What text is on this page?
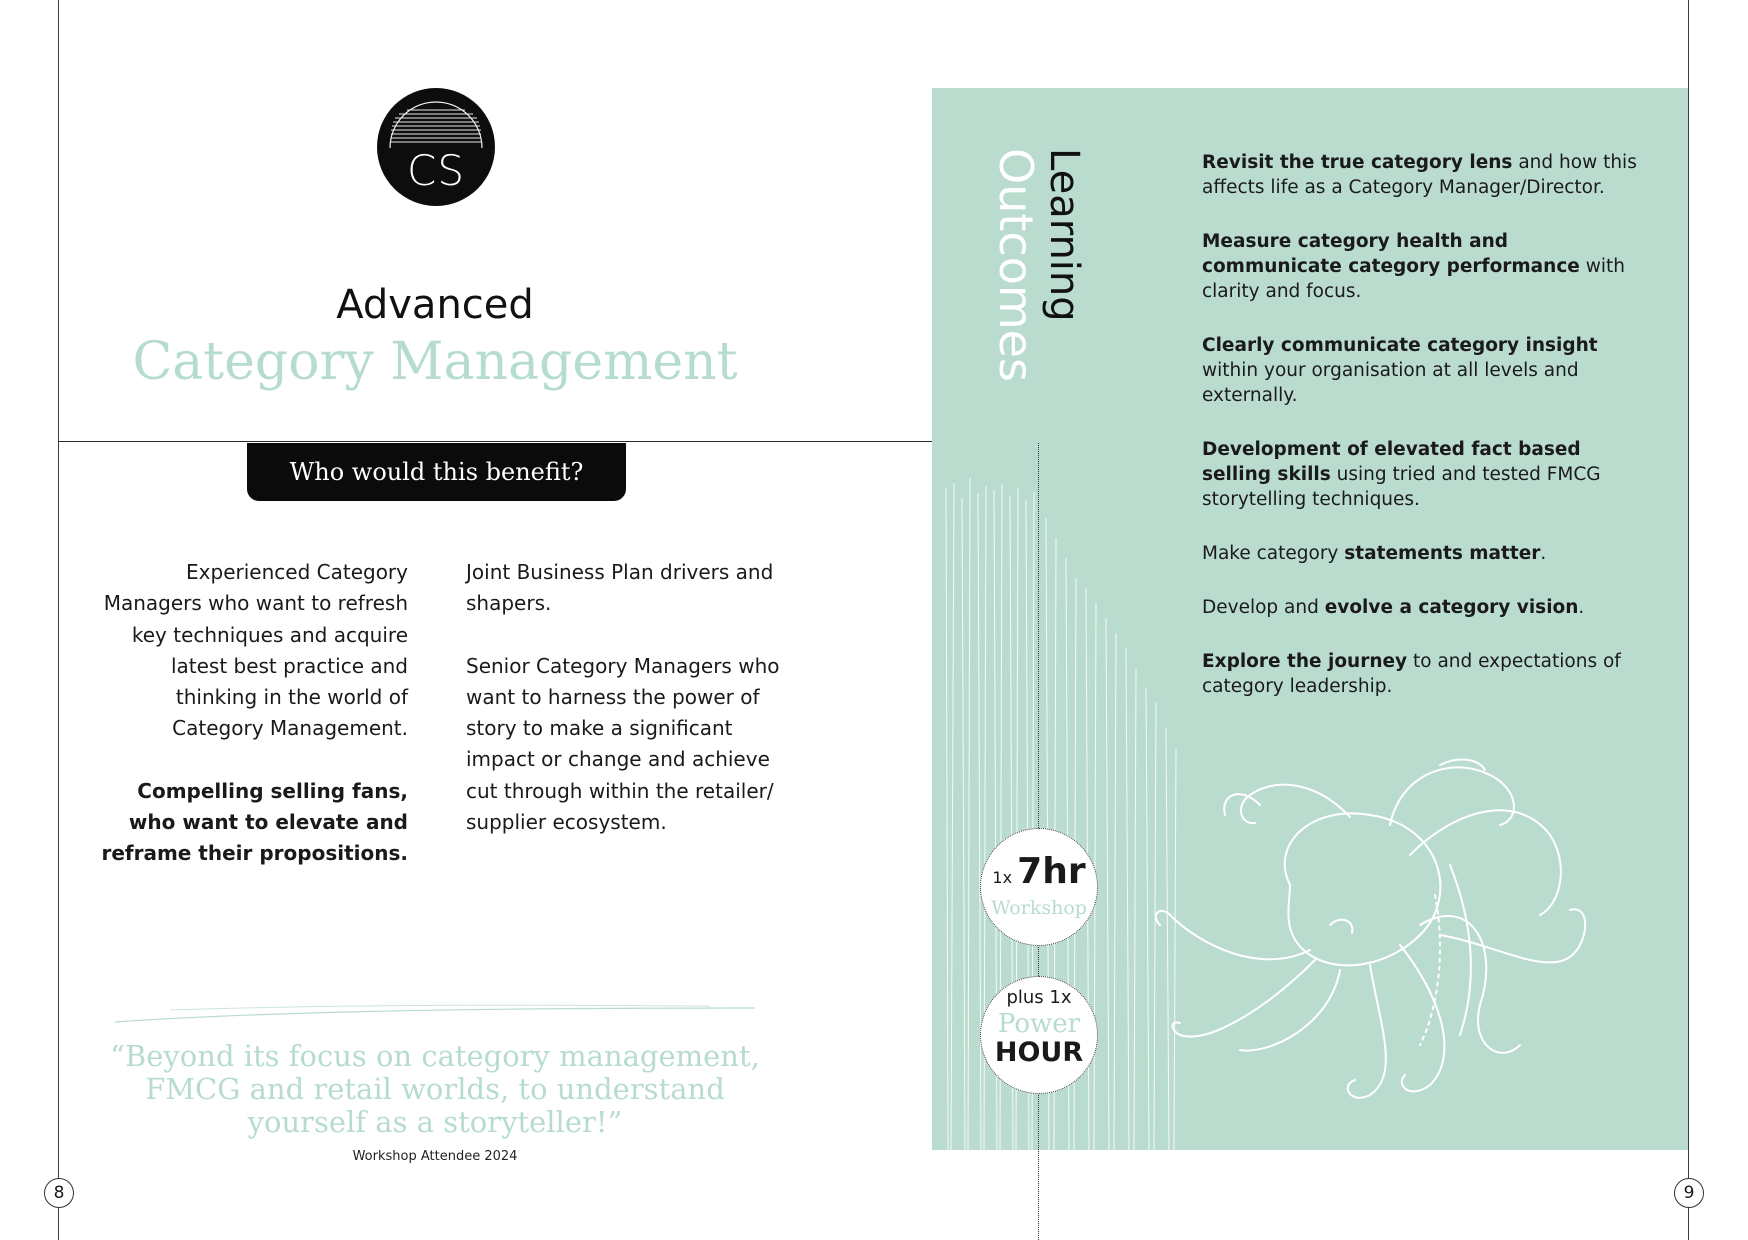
8	9
CS
Advanced
Category Management
Who would this benefit?

Experienced Category Managers who want to refresh key techniques and acquire latest best practice and thinking in the world of Category Management.

Compelling selling fans, who want to elevate and reframe their propositions.

Joint Business Plan drivers and shapers.

Senior Category Managers who want to harness the power of story to make a significant impact or change and achieve cut through within the retailer/ supplier ecosystem.

“Beyond its focus on category management, FMCG and retail worlds, to understand yourself as a storyteller!”
Workshop Attendee 2024
Learning
Outcomes	Revisit the true category lens and how this affects life as a Category Manager/Director.

Measure category health and communicate category performance with clarity and focus.

Clearly communicate category insight within your organisation at all levels and externally.

Development of elevated fact based selling skills using tried and tested FMCG storytelling techniques.

Make category statements matter.

Develop and evolve a category vision.

Explore the journey to and expectations of category leadership.

1x 7hr
Workshop
plus 1x
Power
HOUR
